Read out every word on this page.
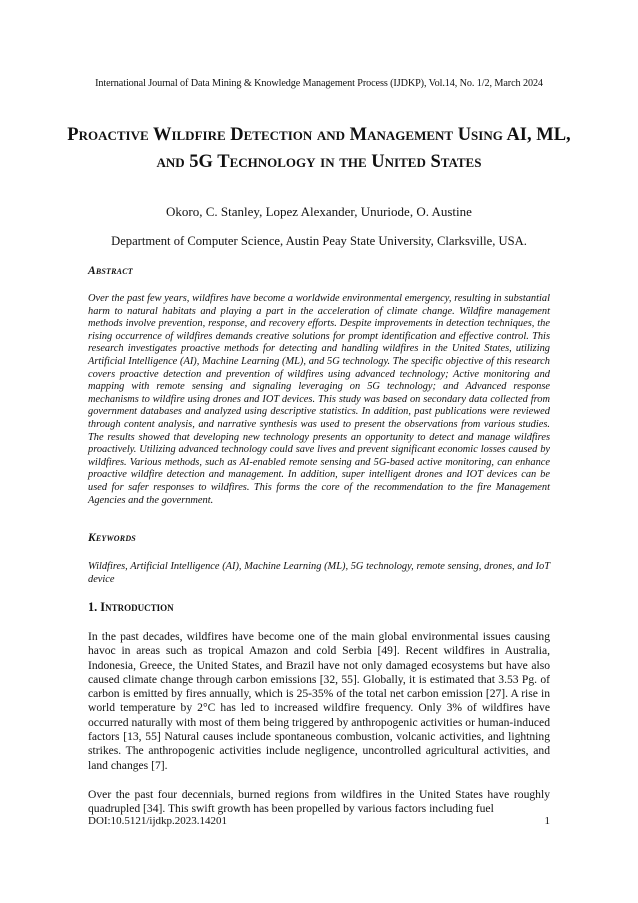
International Journal of Data Mining & Knowledge Management Process (IJDKP), Vol.14, No. 1/2, March 2024
Proactive Wildfire Detection and Management Using AI, ML, and 5G Technology in the United States
Okoro, C. Stanley, Lopez Alexander, Unuriode, O. Austine
Department of Computer Science, Austin Peay State University, Clarksville, USA.
Abstract
Over the past few years, wildfires have become a worldwide environmental emergency, resulting in substantial harm to natural habitats and playing a part in the acceleration of climate change. Wildfire management methods involve prevention, response, and recovery efforts. Despite improvements in detection techniques, the rising occurrence of wildfires demands creative solutions for prompt identification and effective control. This research investigates proactive methods for detecting and handling wildfires in the United States, utilizing Artificial Intelligence (AI), Machine Learning (ML), and 5G technology. The specific objective of this research covers proactive detection and prevention of wildfires using advanced technology; Active monitoring and mapping with remote sensing and signaling leveraging on 5G technology; and Advanced response mechanisms to wildfire using drones and IOT devices. This study was based on secondary data collected from government databases and analyzed using descriptive statistics. In addition, past publications were reviewed through content analysis, and narrative synthesis was used to present the observations from various studies. The results showed that developing new technology presents an opportunity to detect and manage wildfires proactively. Utilizing advanced technology could save lives and prevent significant economic losses caused by wildfires. Various methods, such as AI-enabled remote sensing and 5G-based active monitoring, can enhance proactive wildfire detection and management. In addition, super intelligent drones and IOT devices can be used for safer responses to wildfires. This forms the core of the recommendation to the fire Management Agencies and the government.
Keywords
Wildfires, Artificial Intelligence (AI), Machine Learning (ML), 5G technology, remote sensing, drones, and IoT device
1. Introduction
In the past decades, wildfires have become one of the main global environmental issues causing havoc in areas such as tropical Amazon and cold Serbia [49]. Recent wildfires in Australia, Indonesia, Greece, the United States, and Brazil have not only damaged ecosystems but have also caused climate change through carbon emissions [32, 55]. Globally, it is estimated that 3.53 Pg. of carbon is emitted by fires annually, which is 25-35% of the total net carbon emission [27]. A rise in world temperature by 2°C has led to increased wildfire frequency. Only 3% of wildfires have occurred naturally with most of them being triggered by anthropogenic activities or human-induced factors [13, 55] Natural causes include spontaneous combustion, volcanic activities, and lightning strikes. The anthropogenic activities include negligence, uncontrolled agricultural activities, and land changes [7].
Over the past four decennials, burned regions from wildfires in the United States have roughly quadrupled [34]. This swift growth has been propelled by various factors including fuel
DOI:10.5121/ijdkp.2023.14201	1
